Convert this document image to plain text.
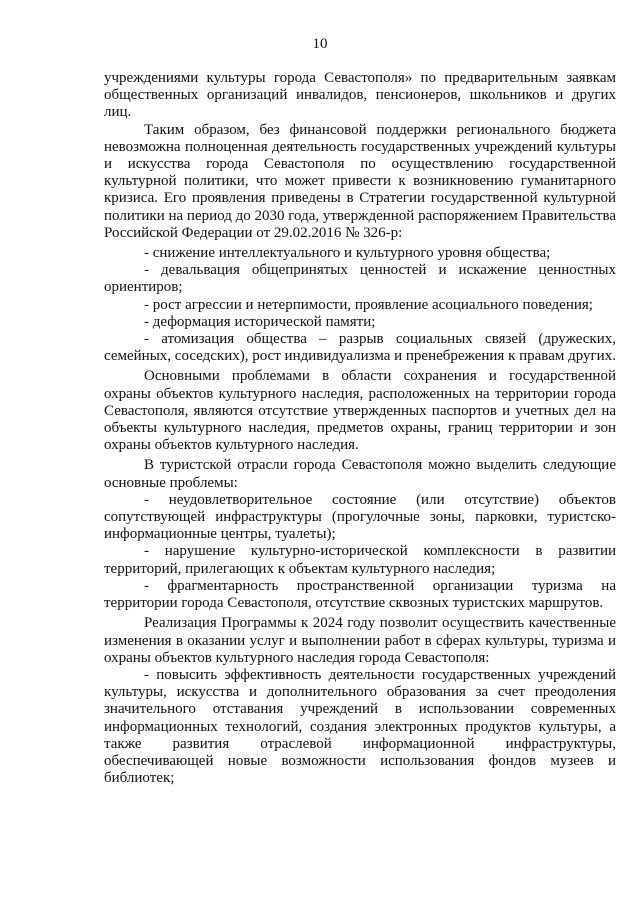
10

учреждениями культуры города Севастополя» по предварительным заявкам общественных организаций инвалидов, пенсионеров, школьников и других лиц.

Таким образом, без финансовой поддержки регионального бюджета невозможна полноценная деятельность государственных учреждений культуры и искусства города Севастополя по осуществлению государственной культурной политики, что может привести к возникновению гуманитарного кризиса. Его проявления приведены в Стратегии государственной культурной политики на период до 2030 года, утвержденной распоряжением Правительства Российской Федерации от 29.02.2016 № 326-р:

- снижение интеллектуального и культурного уровня общества;

- девальвация общепринятых ценностей и искажение ценностных ориентиров;

- рост агрессии и нетерпимости, проявление асоциального поведения;

- деформация исторической памяти;

- атомизация общества – разрыв социальных связей (дружеских, семейных, соседских), рост индивидуализма и пренебрежения к правам других.

Основными проблемами в области сохранения и государственной охраны объектов культурного наследия, расположенных на территории города Севастополя, являются отсутствие утвержденных паспортов и учетных дел на объекты культурного наследия, предметов охраны, границ территории и зон охраны объектов культурного наследия.

В туристской отрасли города Севастополя можно выделить следующие основные проблемы:

- неудовлетворительное состояние (или отсутствие) объектов сопутствующей инфраструктуры (прогулочные зоны, парковки, туристско-информационные центры, туалеты);

- нарушение культурно-исторической комплексности в развитии территорий, прилегающих к объектам культурного наследия;

- фрагментарность пространственной организации туризма на территории города Севастополя, отсутствие сквозных туристских маршрутов.

Реализация Программы к 2024 году позволит осуществить качественные изменения в оказании услуг и выполнении работ в сферах культуры, туризма и охраны объектов культурного наследия города Севастополя:

- повысить эффективность деятельности государственных учреждений культуры, искусства и дополнительного образования за счет преодоления значительного отставания учреждений в использовании современных информационных технологий, создания электронных продуктов культуры, а также развития отраслевой информационной инфраструктуры, обеспечивающей новые возможности использования фондов музеев и библиотек;
